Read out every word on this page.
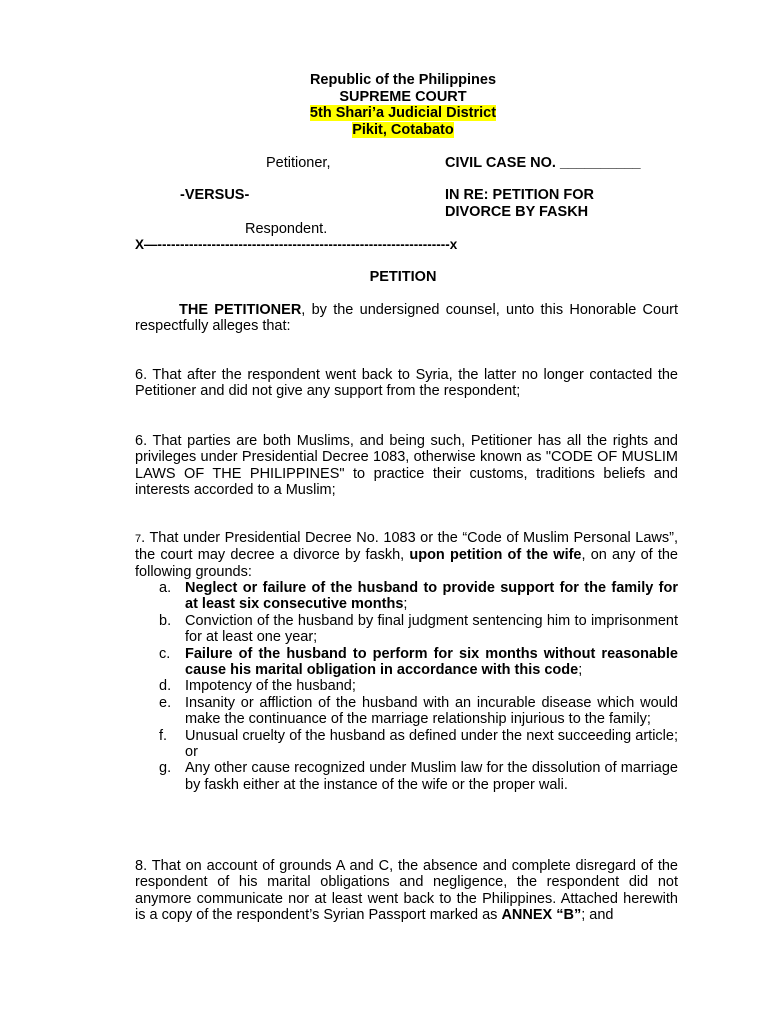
Republic of the Philippines
SUPREME COURT
5th Shari’a Judicial District
Pikit, Cotabato
Petitioner,	CIVIL CASE NO. __________
-VERSUS-	IN RE: PETITION FOR
DIVORCE BY FASKH
Respondent.
X—-----------------------------------------------------------------x
PETITION
THE PETITIONER, by the undersigned counsel, unto this Honorable Court respectfully alleges that:
6. That after the respondent went back to Syria, the latter no longer contacted the Petitioner and did not give any support from the respondent;
6. That parties are both Muslims, and being such, Petitioner has all the rights and privileges under Presidential Decree 1083, otherwise known as "CODE OF MUSLIM LAWS OF THE PHILIPPINES" to practice their customs, traditions beliefs and interests accorded to a Muslim;
7. That under Presidential Decree No. 1083 or the “Code of Muslim Personal Laws”, the court may decree a divorce by faskh, upon petition of the wife, on any of the following grounds:
a. Neglect or failure of the husband to provide support for the family for at least six consecutive months;
b. Conviction of the husband by final judgment sentencing him to imprisonment for at least one year;
c. Failure of the husband to perform for six months without reasonable cause his marital obligation in accordance with this code;
d. Impotency of the husband;
e. Insanity or affliction of the husband with an incurable disease which would make the continuance of the marriage relationship injurious to the family;
f. Unusual cruelty of the husband as defined under the next succeeding article; or
g. Any other cause recognized under Muslim law for the dissolution of marriage by faskh either at the instance of the wife or the proper wali.
8. That on account of grounds A and C, the absence and complete disregard of the respondent of his marital obligations and negligence, the respondent did not anymore communicate nor at least went back to the Philippines. Attached herewith is a copy of the respondent’s Syrian Passport marked as ANNEX “B”; and
